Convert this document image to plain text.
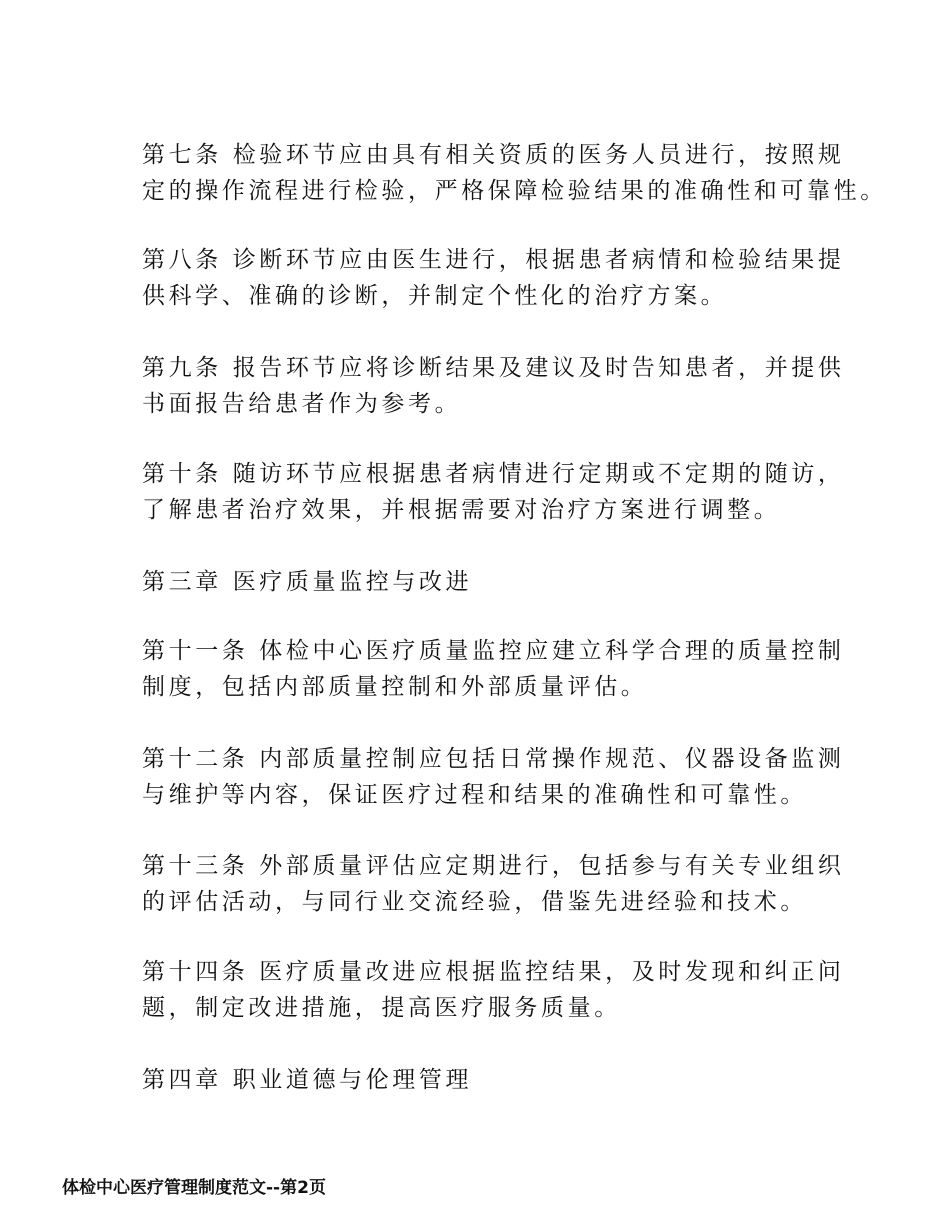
第七条 检验环节应由具有相关资质的医务人员进行，按照规
定的操作流程进行检验，严格保障检验结果的准确性和可靠性。
第八条 诊断环节应由医生进行，根据患者病情和检验结果提
供科学、准确的诊断，并制定个性化的治疗方案。
第九条 报告环节应将诊断结果及建议及时告知患者，并提供
书面报告给患者作为参考。
第十条 随访环节应根据患者病情进行定期或不定期的随访，
了解患者治疗效果，并根据需要对治疗方案进行调整。
第三章 医疗质量监控与改进
第十一条 体检中心医疗质量监控应建立科学合理的质量控制
制度，包括内部质量控制和外部质量评估。
第十二条 内部质量控制应包括日常操作规范、仪器设备监测
与维护等内容，保证医疗过程和结果的准确性和可靠性。
第十三条 外部质量评估应定期进行，包括参与有关专业组织
的评估活动，与同行业交流经验，借鉴先进经验和技术。
第十四条 医疗质量改进应根据监控结果，及时发现和纠正问
题，制定改进措施，提高医疗服务质量。
第四章 职业道德与伦理管理
体检中心医疗管理制度范文--第2页
